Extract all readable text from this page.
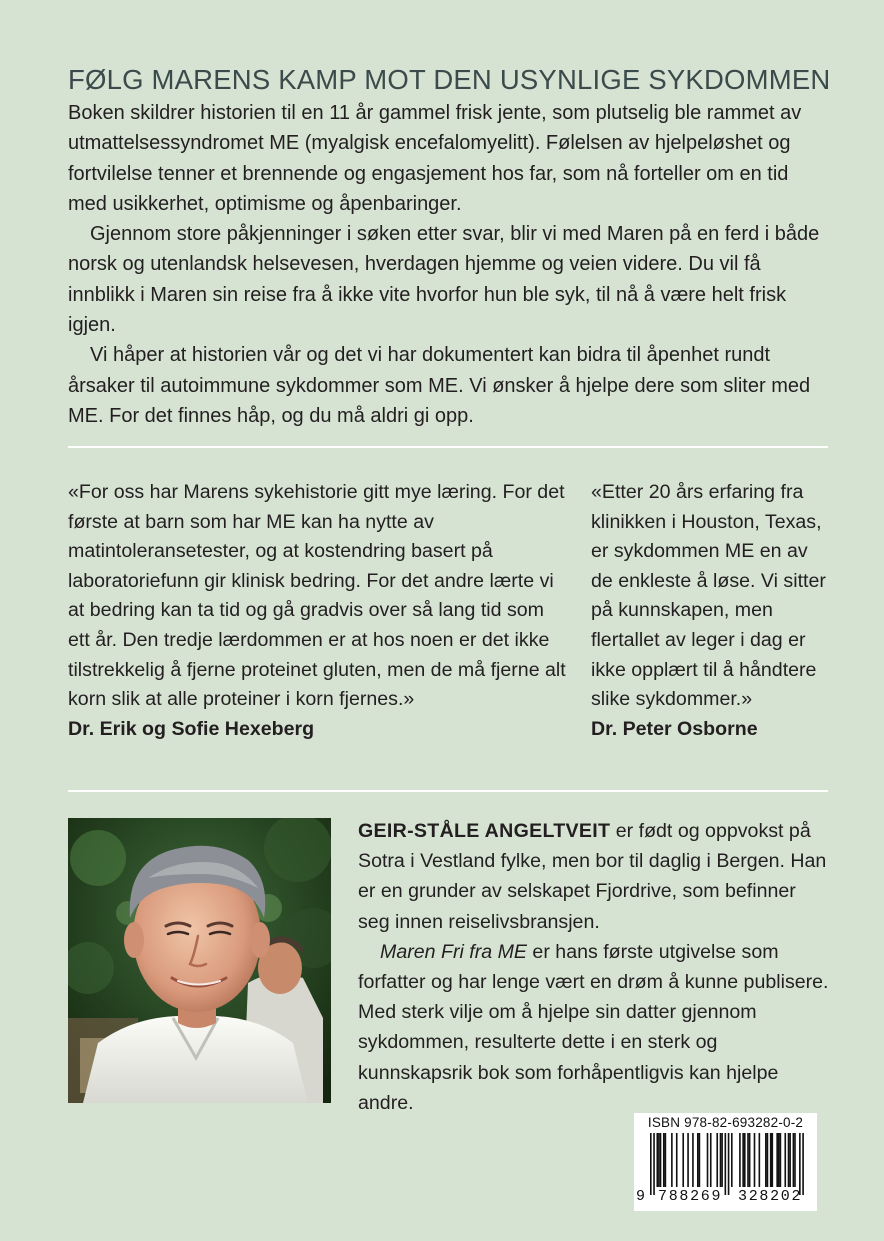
FØLG MARENS KAMP MOT DEN USYNLIGE SYKDOMMEN

Boken skildrer historien til en 11 år gammel frisk jente, som plutselig ble rammet av utmattelsessyndromet ME (myalgisk encefalomyelitt). Følelsen av hjelpeløshet og fortvilelse tenner et brennende og engasjement hos far, som nå forteller om en tid med usikkerhet, optimisme og åpenbaringer.

Gjennom store påkjenninger i søken etter svar, blir vi med Maren på en ferd i både norsk og utenlandsk helsevesen, hverdagen hjemme og veien videre. Du vil få innblikk i Maren sin reise fra å ikke vite hvorfor hun ble syk, til nå å være helt frisk igjen.

Vi håper at historien vår og det vi har dokumentert kan bidra til åpenhet rundt årsaker til autoimmune sykdommer som ME. Vi ønsker å hjelpe dere som sliter med ME. For det finnes håp, og du må aldri gi opp.

«For oss har Marens sykehistorie gitt mye læring. For det første at barn som har ME kan ha nytte av matintoleransetester, og at kostendring basert på laboratoriefunn gir klinisk bedring. For det andre lærte vi at bedring kan ta tid og gå gradvis over så lang tid som ett år. Den tredje lærdommen er at hos noen er det ikke tilstrekkelig å fjerne proteinet gluten, men de må fjerne alt korn slik at alle proteiner i korn fjernes.»

Dr. Erik og Sofie Hexeberg

«Etter 20 års erfaring fra klinikken i Houston, Texas, er sykdommen ME en av de enkleste å løse. Vi sitter på kunnskapen, men flertallet av leger i dag er ikke opplært til å håndtere slike sykdommer.»

Dr. Peter Osborne

GEIR-STÅLE ANGELTVEIT er født og oppvokst på Sotra i Vestland fylke, men bor til daglig i Bergen. Han er en grunder av selskapet Fjordrive, som befinner seg innen reiselivsbransjen.

Maren Fri fra ME er hans første utgivelse som forfatter og har lenge vært en drøm å kunne publisere. Med sterk vilje om å hjelpe sin datter gjennom sykdommen, resulterte dette i en sterk og kunnskapsrik bok som forhåpentligvis kan hjelpe andre.

ISBN 978-82-693282-0-2
9 788269 328202
